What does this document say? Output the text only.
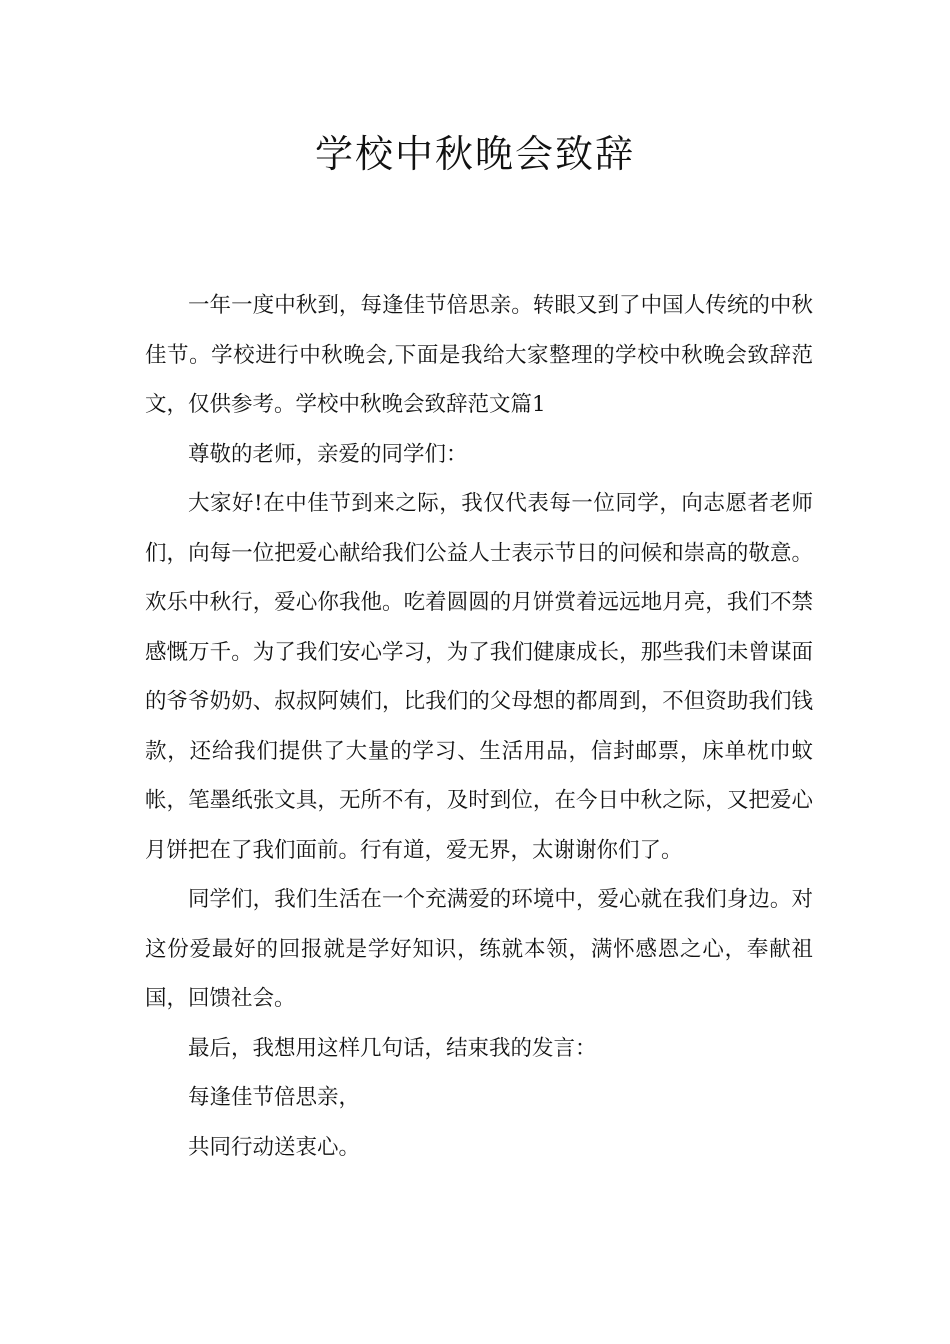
学校中秋晚会致辞

一年一度中秋到，每逢佳节倍思亲。转眼又到了中国人传统的中秋佳节。学校进行中秋晚会,下面是我给大家整理的学校中秋晚会致辞范文，仅供参考。学校中秋晚会致辞范文篇1

尊敬的老师，亲爱的同学们：

大家好!在中佳节到来之际，我仅代表每一位同学，向志愿者老师们，向每一位把爱心献给我们公益人士表示节日的问候和崇高的敬意。欢乐中秋行，爱心你我他。吃着圆圆的月饼赏着远远地月亮，我们不禁感慨万千。为了我们安心学习，为了我们健康成长，那些我们未曾谋面的爷爷奶奶、叔叔阿姨们，比我们的父母想的都周到，不但资助我们钱款，还给我们提供了大量的学习、生活用品，信封邮票，床单枕巾蚊帐，笔墨纸张文具，无所不有，及时到位，在今日中秋之际，又把爱心月饼把在了我们面前。行有道，爱无界，太谢谢你们了。

同学们，我们生活在一个充满爱的环境中，爱心就在我们身边。对这份爱最好的回报就是学好知识，练就本领，满怀感恩之心，奉献祖国，回馈社会。

最后，我想用这样几句话，结束我的发言：

每逢佳节倍思亲，

共同行动送衷心。
